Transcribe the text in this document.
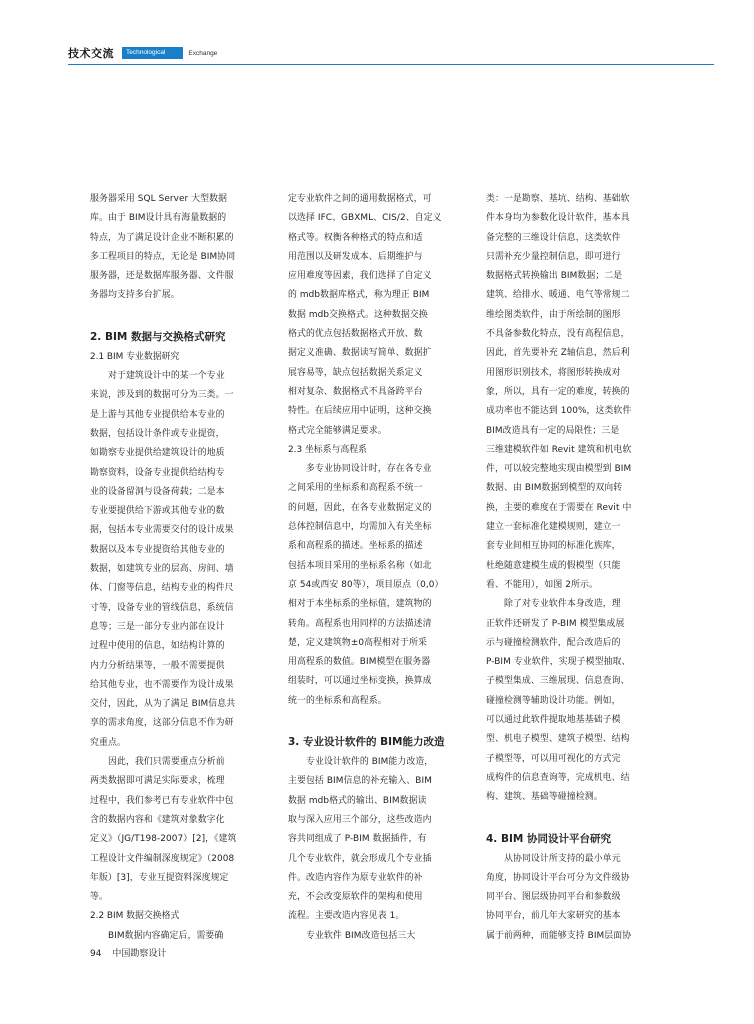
技术交流	Technological	Exchange
服务器采用 SQL Server 大型数据
库。由于 BIM设计具有海量数据的
特点，为了满足设计企业不断积累的
多工程项目的特点，无论是 BIM协同
服务器，还是数据库服务器、文件服
务器均支持多台扩展。
2. BIM 数据与交换格式研究
2.1 BIM 专业数据研究
对于建筑设计中的某一个专业
来说，涉及到的数据可分为三类。一
是上游与其他专业提供给本专业的
数据，包括设计条件或专业提资，
如勘察专业提供给建筑设计的地质
勘察资料，设备专业提供给结构专
业的设备留洞与设备荷载；二是本
专业要提供给下游或其他专业的数
据，包括本专业需要交付的设计成果
数据以及本专业提资给其他专业的
数据，如建筑专业的层高、房间、墙
体、门窗等信息，结构专业的构件尺
寸等，设备专业的管线信息，系统信
息等；三是一部分专业内部在设计
过程中使用的信息，如结构计算的
内力分析结果等，一般不需要提供
给其他专业，也不需要作为设计成果
交付，因此，从为了满足 BIM信息共
享的需求角度，这部分信息不作为研
究重点。
因此，我们只需要重点分析前
两类数据即可满足实际要求，梳理
过程中，我们参考已有专业软件中包
含的数据内容和《建筑对象数字化
定义》（JG/T198-2007）[2]，《建筑
工程设计文件编制深度规定》（2008
年版）[3]，专业互提资料深度规定
等。
2.2 BIM 数据交换格式
BIM数据内容确定后，需要确
定专业软件之间的通用数据格式，可
以选择 IFC、GBXML、CIS/2、自定义
格式等。权衡各种格式的特点和适
用范围以及研发成本、后期维护与
应用难度等因素，我们选择了自定义
的 mdb数据库格式，称为理正 BIM
数据 mdb交换格式。这种数据交换
格式的优点包括数据格式开放、数
据定义准确、数据读写简单、数据扩
展容易等，缺点包括数据关系定义
相对复杂、数据格式不具备跨平台
特性。在后续应用中证明，这种交换
格式完全能够满足要求。
2.3 坐标系与高程系
多专业协同设计时，存在各专业
之间采用的坐标系和高程系不统一
的问题，因此，在各专业数据定义的
总体控制信息中，均需加入有关坐标
系和高程系的描述。坐标系的描述
包括本项目采用的坐标系名称（如北
京 54或西安 80等），项目原点（0,0）
相对于本坐标系的坐标值，建筑物的
转角。高程系也用同样的方法描述清
楚，定义建筑物±0高程相对于所采
用高程系的数值。BIM模型在服务器
组装时，可以通过坐标变换，换算成
统一的坐标系和高程系。
3. 专业设计软件的 BIM能力改造
专业设计软件的 BIM能力改造，
主要包括 BIM信息的补充输入、BIM
数据 mdb格式的输出、BIM数据读
取与深入应用三个部分，这些改造内
容共同组成了 P-BIM 数据插件，有
几个专业软件，就会形成几个专业插
件。改造内容作为原专业软件的补
充，不会改变原软件的架构和使用
流程。主要改造内容见表 1。
专业软件 BIM改造包括三大
类：一是勘察、基坑、结构、基础软
件本身均为参数化设计软件，基本具
备完整的三维设计信息，这类软件
只需补充少量控制信息，即可进行
数据格式转换输出 BIM数据；二是
建筑、给排水、暖通、电气等常规二
维绘图类软件，由于所绘制的图形
不具备参数化特点，没有高程信息，
因此，首先要补充 Z轴信息，然后利
用图形识别技术，将图形转换成对
象，所以，具有一定的难度，转换的
成功率也不能达到 100%，这类软件
BIM改造具有一定的局限性；三是
三维建模软件如 Revit 建筑和机电软
件，可以较完整地实现由模型到 BIM
数据、由 BIM数据到模型的双向转
换，主要的难度在于需要在 Revit 中
建立一套标准化建模规则，建立一
套专业间相互协同的标准化族库，
杜绝随意建模生成的假模型（只能
看、不能用），如图 2所示。
除了对专业软件本身改造，理
正软件还研发了 P-BIM 模型集成展
示与碰撞检测软件，配合改造后的
P-BIM 专业软件，实现子模型抽取、
子模型集成、三维展现、信息查询、
碰撞检测等辅助设计功能。例如，
可以通过此软件提取地基基础子模
型、机电子模型、建筑子模型、结构
子模型等，可以用可视化的方式完
成构件的信息查询等，完成机电、结
构、建筑、基础等碰撞检测。
4. BIM 协同设计平台研究
从协同设计所支持的最小单元
角度，协同设计平台可分为文件级协
同平台、图层级协同平台和参数级
协同平台，前几年大家研究的基本
属于前两种，而能够支持 BIM层面协
94 中国勘察设计
